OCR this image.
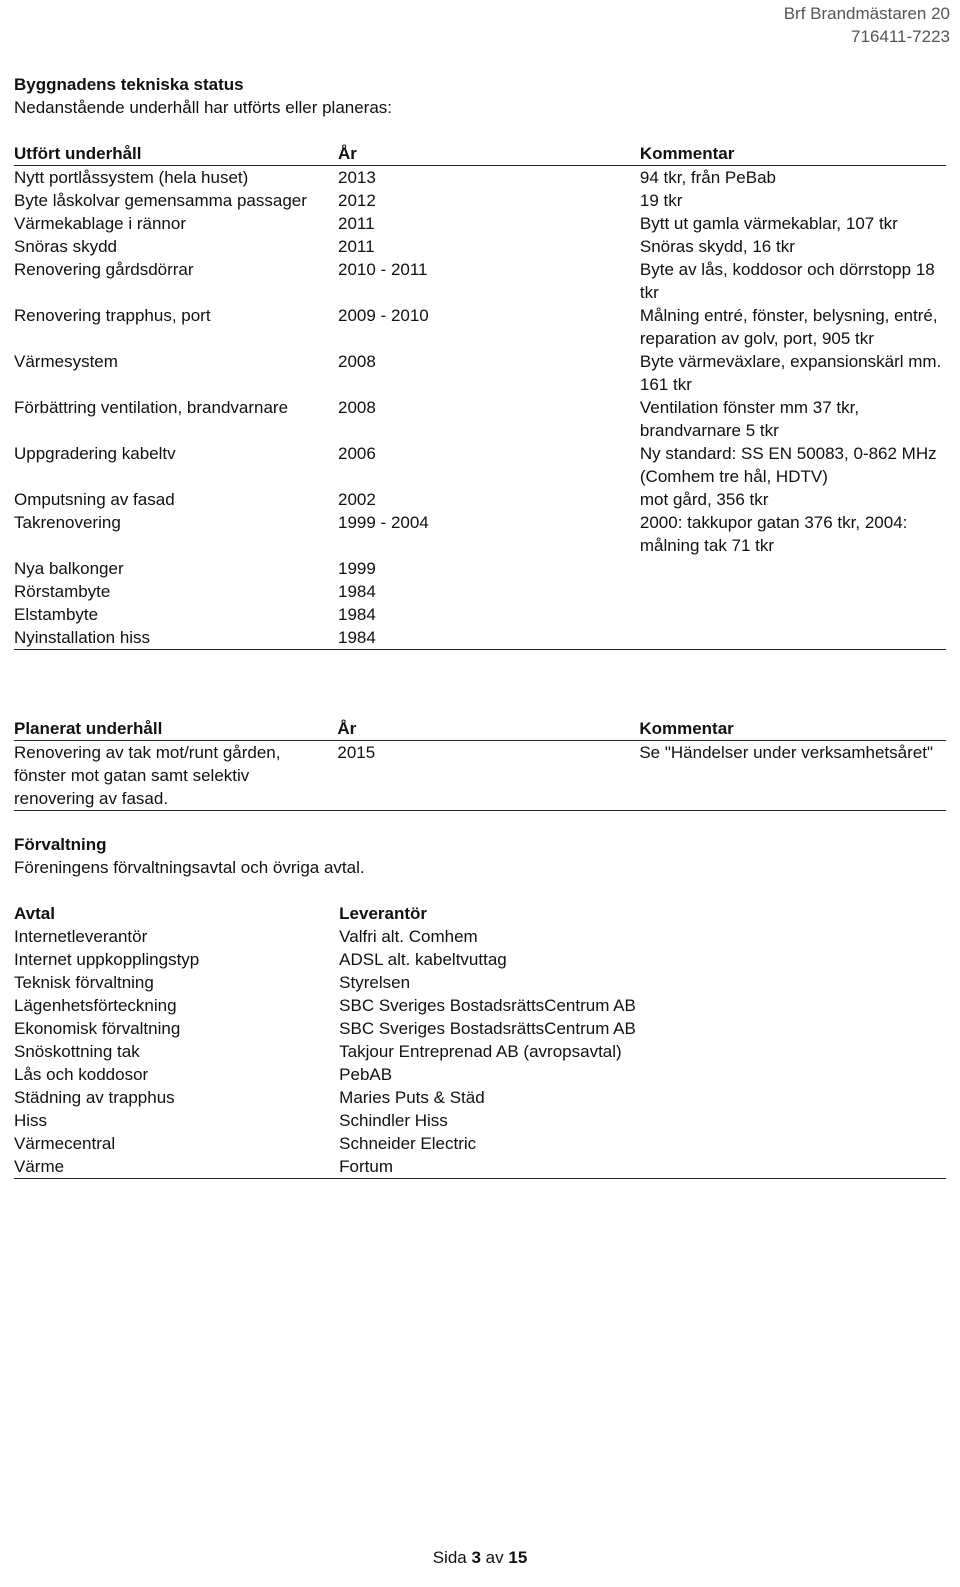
Brf Brandmästaren 20
716411-7223
Byggnadens tekniska status
Nedanstående underhåll har utförts eller planeras:
Utfört underhåll	År	Kommentar
Nytt portlåssystem (hela huset)	2013	94 tkr, från PeBab
Byte låskolvar gemensamma passager	2012	19 tkr
Värmekablage i rännor	2011	Bytt ut gamla värmekablar, 107 tkr
Snöras skydd	2011	Snöras skydd, 16 tkr
Renovering gårdsdörrar	2010 - 2011	Byte av lås, koddosor och dörrstopp 18 tkr
Renovering trapphus, port	2009 - 2010	Målning entré, fönster, belysning, entré, reparation av golv, port, 905 tkr
Värmesystem	2008	Byte värmeväxlare, expansionskärl mm. 161 tkr
Förbättring ventilation, brandvarnare	2008	Ventilation fönster mm 37 tkr, brandvarnare 5 tkr
Uppgradering kabeltv	2006	Ny standard: SS EN 50083, 0-862 MHz (Comhem tre hål, HDTV)
Omputsning av fasad	2002	mot gård, 356 tkr
Takrenovering	1999 - 2004	2000: takkupor gatan 376 tkr, 2004: målning tak 71 tkr
Nya balkonger	1999	
Rörstambyte	1984	
Elstambyte	1984	
Nyinstallation hiss	1984	
Planerat underhåll	År	Kommentar
Renovering av tak mot/runt gården, fönster mot gatan samt selektiv renovering av fasad.	2015	Se "Händelser under verksamhetsåret"
Förvaltning
Föreningens förvaltningsavtal och övriga avtal.
Avtal	Leverantör	
Internetleverantör	Valfri alt. Comhem	
Internet uppkopplingstyp	ADSL alt. kabeltvuttag	
Teknisk förvaltning	Styrelsen	
Lägenhetsförteckning	SBC Sveriges BostadsrättsCentrum AB	
Ekonomisk förvaltning	SBC Sveriges BostadsrättsCentrum AB	
Snöskottning tak	Takjour Entreprenad AB (avropsavtal)	
Lås och koddosor	PebAB	
Städning av trapphus	Maries Puts & Städ	
Hiss	Schindler Hiss	
Värmecentral	Schneider Electric	
Värme	Fortum	
Sida 3 av 15
